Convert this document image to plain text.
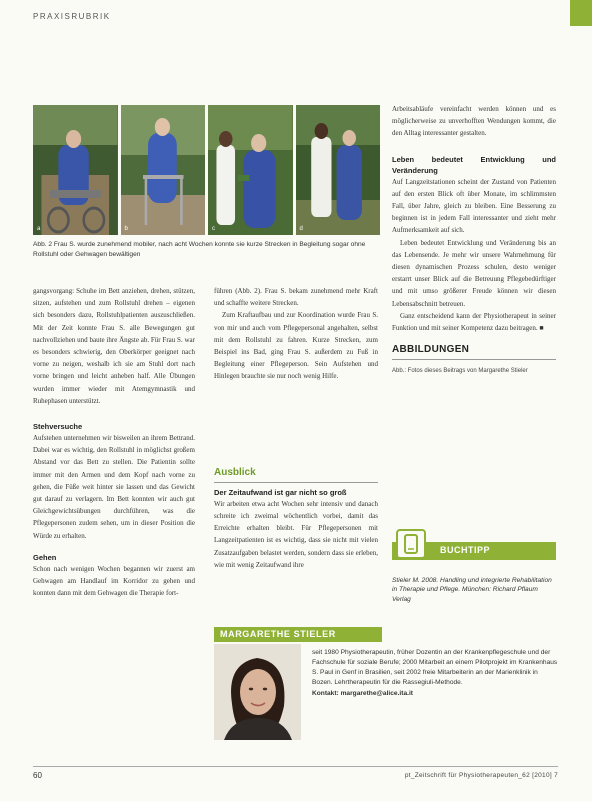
PRAXISRUBRIK
a	b	c	d
Abb. 2 Frau S. wurde zunehmend mobiler, nach acht Wochen konnte sie kurze Strecken in Begleitung sogar ohne Rollstuhl oder Gehwagen bewältigen

gangsvorgang: Schuhe im Bett anziehen, drehen, stützen, sitzen, aufstehen und zum Rollstuhl drehen – eigenen sich besonders dazu, Rollstuhlpatienten auszuschließen. Mit der Zeit konnte Frau S. alle Bewegungen gut nachvollziehen und baute ihre Ängste ab. Für Frau S. war es besonders schwierig, den Oberkörper geeignet nach vorne zu neigen, weshalb ich sie am Stuhl dort nach vorne bringen und leicht anheben half. Alle Übungen wurden immer wieder mit Atemgymnastik und Ruhephasen unterstützt.

Stehversuche

Aufstehen unternehmen wir bisweilen an ihrem Bettrand. Dabei war es wichtig, den Rollstuhl in möglichst großem Abstand vor das Bett zu stellen. Die Patientin sollte immer mit den Armen und dem Kopf nach vorne zu gehen, die Füße weit hinter sie lassen und das Gewicht gut darauf zu verlagern. Im Bett konnten wir auch gut Gleichgewichtsübungen durchführen, was die Pflegepersonen zudem sehen, um in dieser Position die Würde zu erhalten.

Gehen

Schon nach wenigen Wochen begannen wir zuerst am Gehwagen am Handlauf im Korridor zu gehen und konnten dann mit dem Gehwagen die Therapie fort-

führen (Abb. 2). Frau S. bekam zunehmend mehr Kraft und schaffte weitere Strecken.

Zum Kraftaufbau und zur Koordination wurde Frau S. von mir und auch vom Pflegepersonal angehalten, selbst mit dem Rollstuhl zu fahren. Kurze Strecken, zum Beispiel ins Bad, ging Frau S. außerdem zu Fuß in Begleitung einer Pflegeperson. Sein Aufstehen und Hinlegen brauchte sie nur noch wenig Hilfe.

Ausblick
Der Zeitaufwand ist gar nicht so groß

Wir arbeiten etwa acht Wochen sehr intensiv und danach schreite ich zweimal wöchentlich vorbei, damit das Erreichte erhalten bleibt. Für Pflegepersonen mit Langzeitpatienten ist es wichtig, dass sie nicht mit vielen Zusatzaufgaben belastet werden, sondern dass sie erleben, wie mit wenig Zeitaufwand ihre

Arbeitsabläufe vereinfacht werden können und es möglicherweise zu unverhofften Wendungen kommt, die den Alltag interessanter gestalten.

Leben bedeutet Entwicklung und Veränderung

Auf Langzeitstationen scheint der Zustand von Patienten auf den ersten Blick oft über Monate, im schlimmsten Fall, über Jahre, gleich zu bleiben. Eine Besserung zu beginnen ist in jedem Fall interessanter und zieht mehr Aufmerksamkeit auf sich.

Leben bedeutet Entwicklung und Veränderung bis an das Lebensende. Je mehr wir unsere Wahrnehmung für diesen dynamischen Prozess schulen, desto weniger erstarrt unser Blick auf die Betreuung Pflegebedürftiger und mit umso größerer Freude können wir diesen Lebensabschnitt betreuen.

Ganz entscheidend kann der Physiotherapeut in seiner Funktion und mit seiner Kompetenz dazu beitragen. ■

ABBILDUNGEN
Abb.: Fotos dieses Beitrags von Margarethe Stieler
BUCHTIPP
Stieler M. 2008. Handling und integrierte Rehabilitation in Therapie und Pflege. München: Richard Pflaum Verlag
MARGARETHE STIELER
seit 1980 Physiotherapeutin, früher Dozentin an der Krankenpflegeschule und der Fachschule für soziale Berufe; 2000 Mitarbeit an einem Pilotprojekt im Krankenhaus S. Paul in Genf in Brasilien, seit 2002 freie Mitarbeiterin an der Marienklinik in Bozen. Lehrtherapeutin für die Rassegiuli-Methode.
Kontakt: margarethe@alice.ita.it
60	pt_Zeitschrift für Physiotherapeuten_62 [2010] 7
